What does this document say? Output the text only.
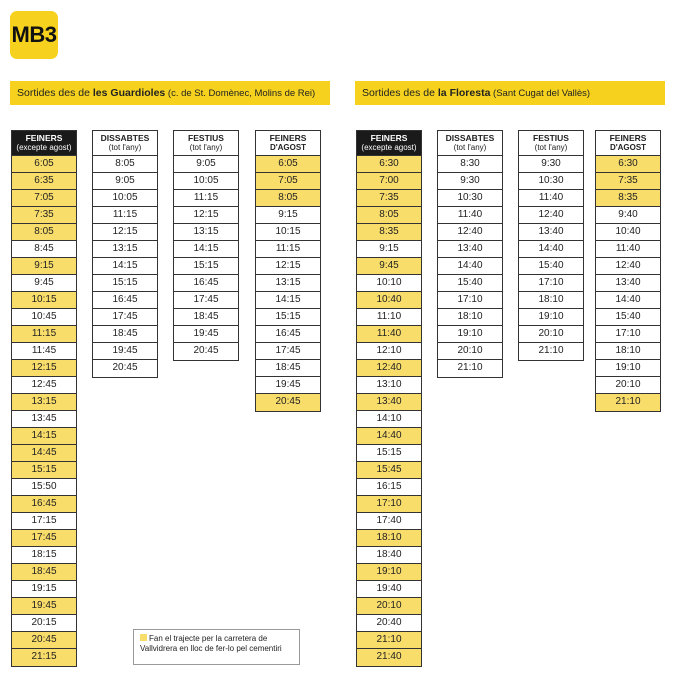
MB3
Sortides des de les Guardioles (c. de St. Domènec, Molins de Rei)	Sortides des de la Floresta (Sant Cugat del Vallès)
FEINERS
(excepte agost)
6:05
6:35
7:05
7:35
8:05
8:45
9:15
9:45
10:15
10:45
11:15
11:45
12:15
12:45
13:15
13:45
14:15
14:45
15:15
15:50
16:45
17:15
17:45
18:15
18:45
19:15
19:45
20:15
20:45
21:15
DISSABTES
(tot l'any)
8:05
9:05
10:05
11:15
12:15
13:15
14:15
15:15
16:45
17:45
18:45
19:45
20:45
FESTIUS
(tot l'any)
9:05
10:05
11:15
12:15
13:15
14:15
15:15
16:45
17:45
18:45
19:45
20:45
FEINERS
D'AGOST
6:05
7:05
8:05
9:15
10:15
11:15
12:15
13:15
14:15
15:15
16:45
17:45
18:45
19:45
20:45
FEINERS
(excepte agost)
6:30
7:00
7:35
8:05
8:35
9:15
9:45
10:10
10:40
11:10
11:40
12:10
12:40
13:10
13:40
14:10
14:40
15:15
15:45
16:15
17:10
17:40
18:10
18:40
19:10
19:40
20:10
20:40
21:10
21:40
DISSABTES
(tot l'any)
8:30
9:30
10:30
11:40
12:40
13:40
14:40
15:40
17:10
18:10
19:10
20:10
21:10
FESTIUS
(tot l'any)
9:30
10:30
11:40
12:40
13:40
14:40
15:40
17:10
18:10
19:10
20:10
21:10
FEINERS
D'AGOST
6:30
7:35
8:35
9:40
10:40
11:40
12:40
13:40
14:40
15:40
17:10
18:10
19:10
20:10
21:10
Fan el trajecte per la carretera de
Vallvidrera en lloc de fer-lo pel cementiri
